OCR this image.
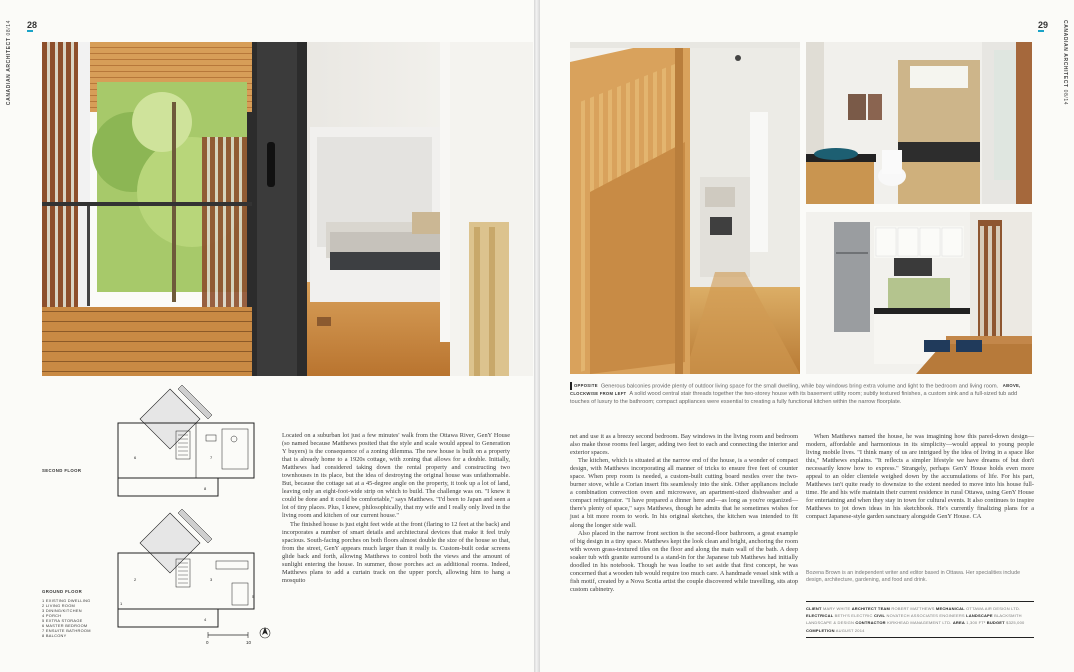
28
CANADIAN ARCHITECT 08/14
SECOND FLOOR
GROUND FLOOR
1 EXISTING DWELLING
2 LIVING ROOM
3 DINING/KITCHEN
4 PORCH
5 EXTRA STORAGE
6 MASTER BEDROOM
7 ENSUITE BATHROOM
8 BALCONY
6	7
8
2	3
4
5
1
0	10

Located on a suburban lot just a few minutes' walk from the Ottawa River, GenY House (so named because Matthews posited that the style and scale would appeal to Generation Y buyers) is the consequence of a zoning dilemma. The new house is built on a property that is already home to a 1920s cottage, with zoning that allows for a double. Initially, Matthews had considered taking down the rental property and constructing two townhouses in its place, but the idea of destroying the original house was unfathomable. But, because the cottage sat at a 45-degree angle on the property, it took up a lot of land, leaving only an eight-foot-wide strip on which to build. The challenge was on. "I knew it could be done and it could be comfortable," says Matthews. "I'd been to Japan and seen a lot of tiny places. Plus, I knew, philosophically, that my wife and I really only lived in the living room and kitchen of our current house."

The finished house is just eight feet wide at the front (flaring to 12 feet at the back) and incorporates a number of smart details and architectural devices that make it feel truly spacious. South-facing porches on both floors almost double the size of the house so that, from the street, GenY appears much larger than it really is. Custom-built cedar screens glide back and forth, allowing Matthews to control both the views and the amount of sunlight entering the house. In summer, those porches act as additional rooms. Indeed, Matthews plans to add a curtain track on the upper porch, allowing him to hang a mosquito

29	CANADIAN ARCHITECT 08/14
OPPOSITE Generous balconies provide plenty of outdoor living space for the small dwelling, while bay windows bring extra volume and light to the bedroom and living room. ABOVE, CLOCKWISE FROM LEFT A solid wood central stair threads together the two-storey house with its basement utility room; subtly textured finishes, a custom sink and a full-sized tub add touches of luxury to the bathroom; compact appliances were essential to creating a fully functional kitchen within the narrow floorplate.

net and use it as a breezy second bedroom. Bay windows in the living room and bedroom also make those rooms feel larger, adding two feet to each and connecting the interior and exterior spaces.

The kitchen, which is situated at the narrow end of the house, is a wonder of compact design, with Matthews incorporating all manner of tricks to ensure five feet of counter space. When prep room is needed, a custom-built cutting board nestles over the two-burner stove, while a Corian insert fits seamlessly into the sink. Other appliances include a combination convection oven and microwave, an apartment-sized dishwasher and a compact refrigerator. "I have prepared a dinner here and—as long as you're organized—there's plenty of space," says Matthews, though he admits that he sometimes wishes for just a bit more room to work. In his original sketches, the kitchen was intended to fit along the longer side wall.

Also placed in the narrow front section is the second-floor bathroom, a great example of big design in a tiny space. Matthews kept the look clean and bright, anchoring the room with woven grass-textured tiles on the floor and along the main wall of the bath. A deep soaker tub with granite surround is a stand-in for the Japanese tub Matthews had initially doodled in his notebook. Though he was loathe to set aside that first concept, he was concerned that a wooden tub would require too much care. A handmade vessel sink with a fish motif, created by a Nova Scotia artist the couple discovered while travelling, sits atop custom cabinetry.

When Matthews named the house, he was imagining how this pared-down design—modern, affordable and harmonious in its simplicity—would appeal to young people living mobile lives. "I think many of us are intrigued by the idea of living in a space like this," Matthews explains. "It reflects a simpler lifestyle we have dreams of but don't necessarily know how to express." Strangely, perhaps GenY House holds even more appeal to an older clientele weighed down by the accumulations of life. For his part, Matthews isn't quite ready to downsize to the extent needed to move into his house full-time. He and his wife maintain their current residence in rural Ottawa, using GenY House for entertaining and when they stay in town for cultural events. It also continues to inspire Matthews to jot down ideas in his sketchbook. He's currently finalizing plans for a compact Japanese-style garden sanctuary alongside GenY House. CA

Bozena Brown is an independent writer and editor based in Ottawa. Her specialities include design, architecture, gardening, and food and drink.
CLIENT MARY WHITE ARCHITECT TEAM ROBERT MATTHEWS MECHANICAL OTTAWA AIR DESIGN LTD. ELECTRICAL BETH'S ELECTRIC CIVIL NOVATECH ASSOCIATES ENGINEERS LANDSCAPE BLACKSMITH LANDSCAPE & DESIGN CONTRACTOR KIRKHEAD MANAGEMENT LTD. AREA 1,300 FT² BUDGET $325,000 COMPLETION AUGUST 2014
